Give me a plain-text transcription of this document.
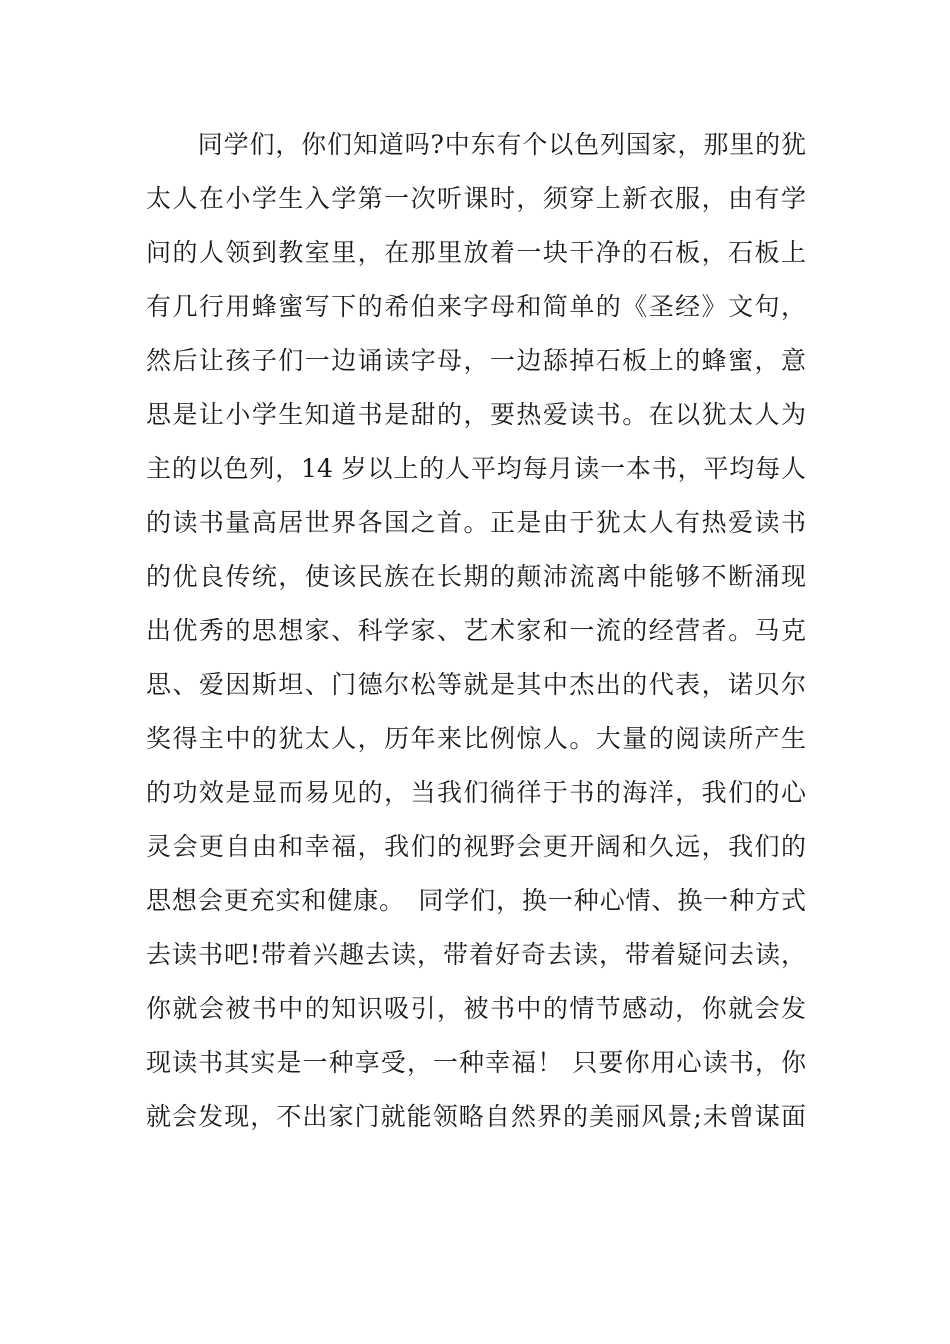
　　同学们，你们知道吗?中东有个以色列国家，那里的犹
太人在小学生入学第一次听课时，须穿上新衣服，由有学
问的人领到教室里，在那里放着一块干净的石板，石板上
有几行用蜂蜜写下的希伯来字母和简单的《圣经》文句，
然后让孩子们一边诵读字母，一边舔掉石板上的蜂蜜，意
思是让小学生知道书是甜的，要热爱读书。在以犹太人为
主的以色列，14 岁以上的人平均每月读一本书，平均每人
的读书量高居世界各国之首。正是由于犹太人有热爱读书
的优良传统，使该民族在长期的颠沛流离中能够不断涌现
出优秀的思想家、科学家、艺术家和一流的经营者。马克
思、爱因斯坦、门德尔松等就是其中杰出的代表，诺贝尔
奖得主中的犹太人，历年来比例惊人。大量的阅读所产生
的功效是显而易见的，当我们徜徉于书的海洋，我们的心
灵会更自由和幸福，我们的视野会更开阔和久远，我们的
思想会更充实和健康。　同学们，换一种心情、换一种方式
去读书吧!带着兴趣去读，带着好奇去读，带着疑问去读，
你就会被书中的知识吸引，被书中的情节感动，你就会发
现读书其实是一种享受，一种幸福！ 只要你用心读书，你
就会发现，不出家门就能领略自然界的美丽风景;未曾谋面
